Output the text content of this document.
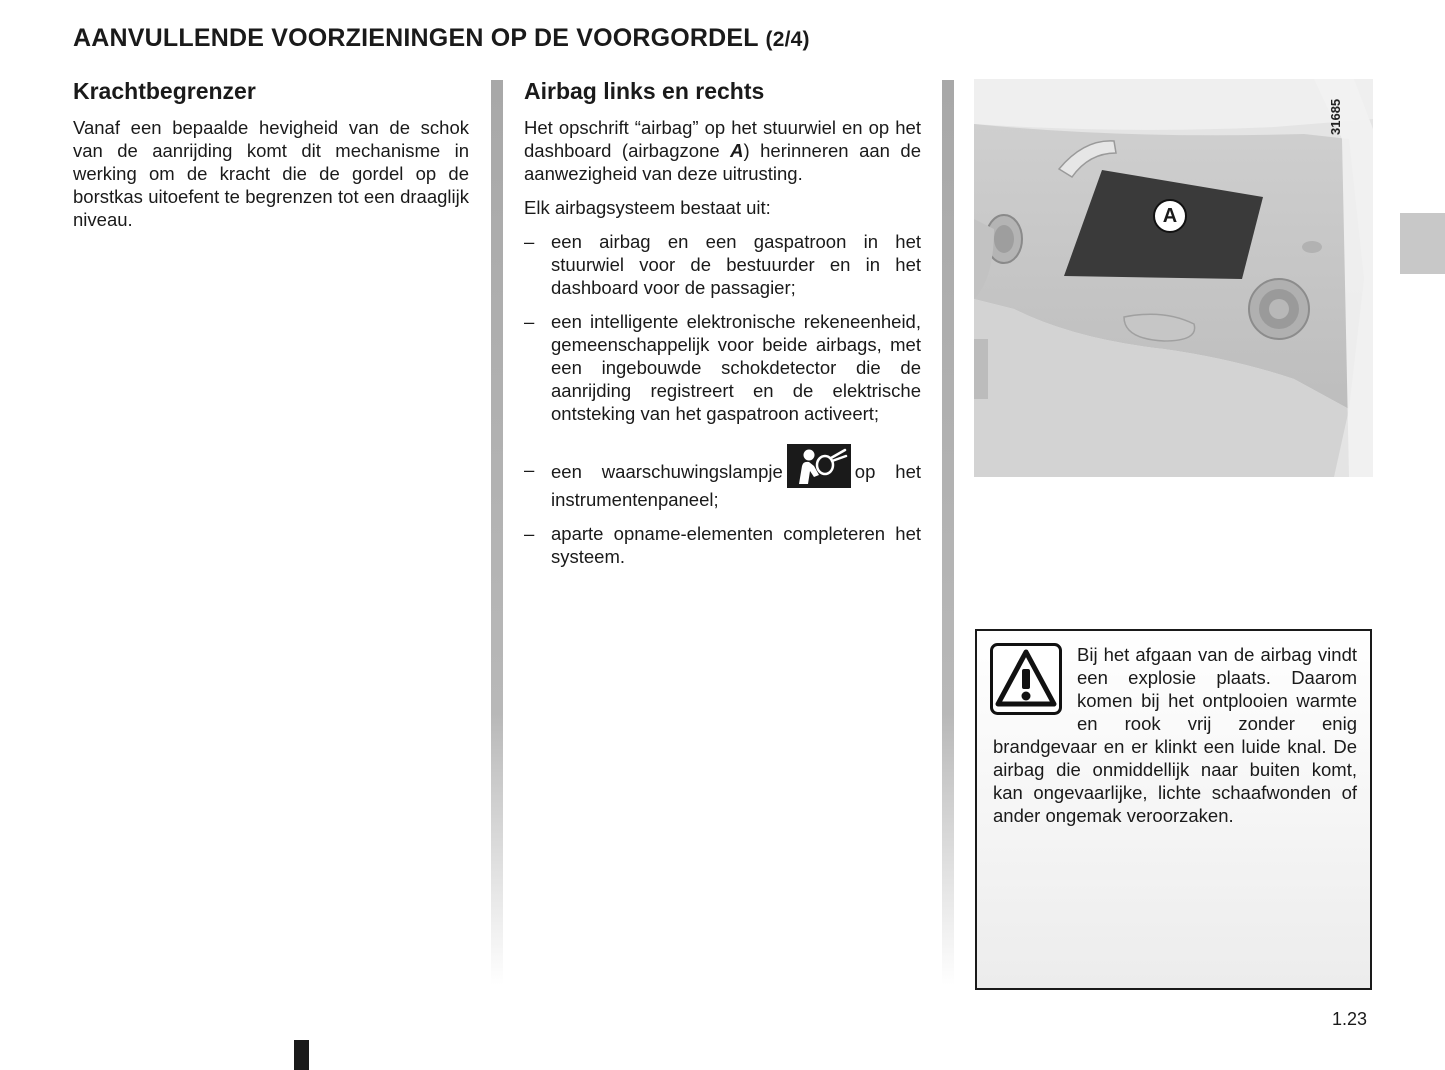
AANVULLENDE VOORZIENINGEN OP DE VOORGORDEL (2/4)
Krachtbegrenzer

Vanaf een bepaalde hevigheid van de schok van de aanrijding komt dit mechanisme in werking om de kracht die de gordel op de borstkas uitoefent te begrenzen tot een draaglijk niveau.

Airbag links en rechts

Het opschrift “airbag” op het stuurwiel en op het dashboard (airbagzone A) herinneren aan de aanwezigheid van deze uitrusting.

Elk airbagsysteem bestaat uit:

– een airbag en een gaspatroon in het stuurwiel voor de bestuurder en in het dashboard voor de passagier;
– een intelligente elektronische rekeneenheid, gemeenschappelijk voor beide airbags, met een ingebouwde schokdetector die de aanrijding registreert en de elektrische ontsteking van het gaspatroon activeert;
– een waarschuwingslampje	op het instrumentenpaneel;
– aparte opname-elementen completeren het systeem.
A
31685

Bij het afgaan van de airbag vindt een explosie plaats. Daarom komen bij het ontplooien warmte en rook vrij zonder enig brandgevaar en er klinkt een luide knal. De airbag die onmiddellijk naar buiten komt, kan ongevaarlijke, lichte schaafwonden of ander ongemak veroorzaken.

1.23
